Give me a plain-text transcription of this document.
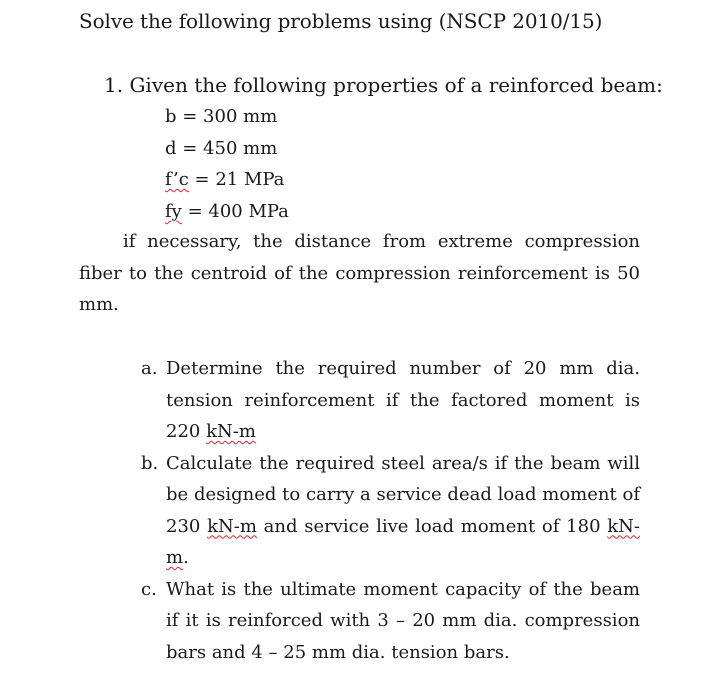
Solve the following problems using (NSCP 2010/15)

1. Given the following properties of a reinforced beam:

b = 300 mm

d = 450 mm

f’c = 21 MPa

fy = 400 MPa

if necessary, the distance from extreme compression fiber to the centroid of the compression reinforcement is 50 mm.

a. Determine the required number of 20 mm dia. tension reinforcement if the factored moment is 220 kN-m
b. Calculate the required steel area/s if the beam will be designed to carry a service dead load moment of 230 kN-m and service live load moment of 180 kN-m.
c. What is the ultimate moment capacity of the beam if it is reinforced with 3 – 20 mm dia. compression bars and 4 – 25 mm dia. tension bars.
